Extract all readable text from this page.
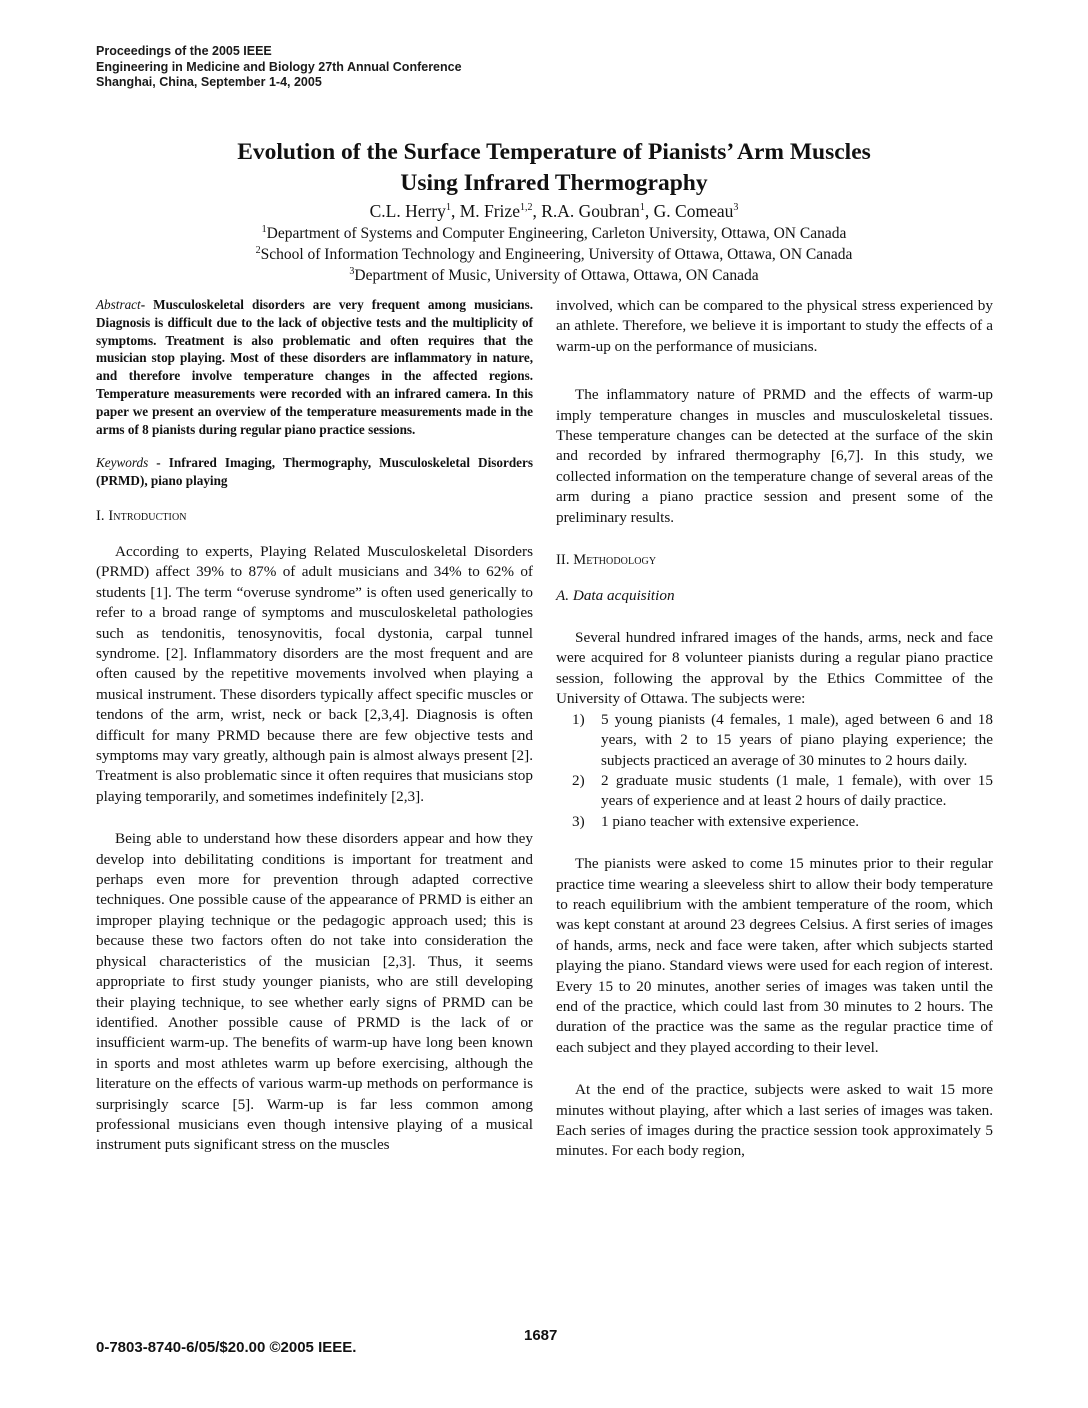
Proceedings of the 2005 IEEE
Engineering in Medicine and Biology 27th Annual Conference
Shanghai, China, September 1-4, 2005
Evolution of the Surface Temperature of Pianists’ Arm Muscles
Using Infrared Thermography
C.L. Herry$^1$, M. Frize$^{1,2}$, R.A. Goubran$^1$, G. Comeau$^3$
$^1$Department of Systems and Computer Engineering, Carleton University, Ottawa, ON Canada
$^2$School of Information Technology and Engineering, University of Ottawa, Ottawa, ON Canada
$^3$Department of Music, University of Ottawa, Ottawa, ON Canada

Abstract- Musculoskeletal disorders are very frequent among musicians. Diagnosis is difficult due to the lack of objective tests and the multiplicity of symptoms. Treatment is also problematic and often requires that the musician stop playing. Most of these disorders are inflammatory in nature, and therefore involve temperature changes in the affected regions. Temperature measurements were recorded with an infrared camera. In this paper we present an overview of the temperature measurements made in the arms of 8 pianists during regular piano practice sessions.

Keywords - Infrared Imaging, Thermography, Musculoskeletal Disorders (PRMD), piano playing

I. Introduction

According to experts, Playing Related Musculoskeletal Disorders (PRMD) affect 39% to 87% of adult musicians and 34% to 62% of students [1]. The term “overuse syndrome” is often used generically to refer to a broad range of symptoms and musculoskeletal pathologies such as tendonitis, tenosynovitis, focal dystonia, carpal tunnel syndrome. [2]. Inflammatory disorders are the most frequent and are often caused by the repetitive movements involved when playing a musical instrument. These disorders typically affect specific muscles or tendons of the arm, wrist, neck or back [2,3,4]. Diagnosis is often difficult for many PRMD because there are few objective tests and symptoms may vary greatly, although pain is almost always present [2]. Treatment is also problematic since it often requires that musicians stop playing temporarily, and sometimes indefinitely [2,3].

Being able to understand how these disorders appear and how they develop into debilitating conditions is important for treatment and perhaps even more for prevention through adapted corrective techniques. One possible cause of the appearance of PRMD is either an improper playing technique or the pedagogic approach used; this is because these two factors often do not take into consideration the physical characteristics of the musician [2,3]. Thus, it seems appropriate to first study younger pianists, who are still developing their playing technique, to see whether early signs of PRMD can be identified. Another possible cause of PRMD is the lack of or insufficient warm-up. The benefits of warm-up have long been known in sports and most athletes warm up before exercising, although the literature on the effects of various warm-up methods on performance is surprisingly scarce [5]. Warm-up is far less common among professional musicians even though intensive playing of a musical instrument puts significant stress on the muscles

involved, which can be compared to the physical stress experienced by an athlete. Therefore, we believe it is important to study the effects of a warm-up on the performance of musicians.

The inflammatory nature of PRMD and the effects of warm-up imply temperature changes in muscles and musculoskeletal tissues. These temperature changes can be detected at the surface of the skin and recorded by infrared thermography [6,7]. In this study, we collected information on the temperature change of several areas of the arm during a piano practice session and present some of the preliminary results.

II. Methodology

A. Data acquisition

Several hundred infrared images of the hands, arms, neck and face were acquired for 8 volunteer pianists during a regular piano practice session, following the approval by the Ethics Committee of the University of Ottawa. The subjects were:

1) 5 young pianists (4 females, 1 male), aged between 6 and 18 years, with 2 to 15 years of piano playing experience; the subjects practiced an average of 30 minutes to 2 hours daily.
2) 2 graduate music students (1 male, 1 female), with over 15 years of experience and at least 2 hours of daily practice.
3) 1 piano teacher with extensive experience.

The pianists were asked to come 15 minutes prior to their regular practice time wearing a sleeveless shirt to allow their body temperature to reach equilibrium with the ambient temperature of the room, which was kept constant at around 23 degrees Celsius. A first series of images of hands, arms, neck and face were taken, after which subjects started playing the piano. Standard views were used for each region of interest. Every 15 to 20 minutes, another series of images was taken until the end of the practice, which could last from 30 minutes to 2 hours. The duration of the practice was the same as the regular practice time of each subject and they played according to their level.

At the end of the practice, subjects were asked to wait 15 more minutes without playing, after which a last series of images was taken. Each series of images during the practice session took approximately 5 minutes. For each body region,

0-7803-8740-6/05/$20.00 ©2005 IEEE.
1687
